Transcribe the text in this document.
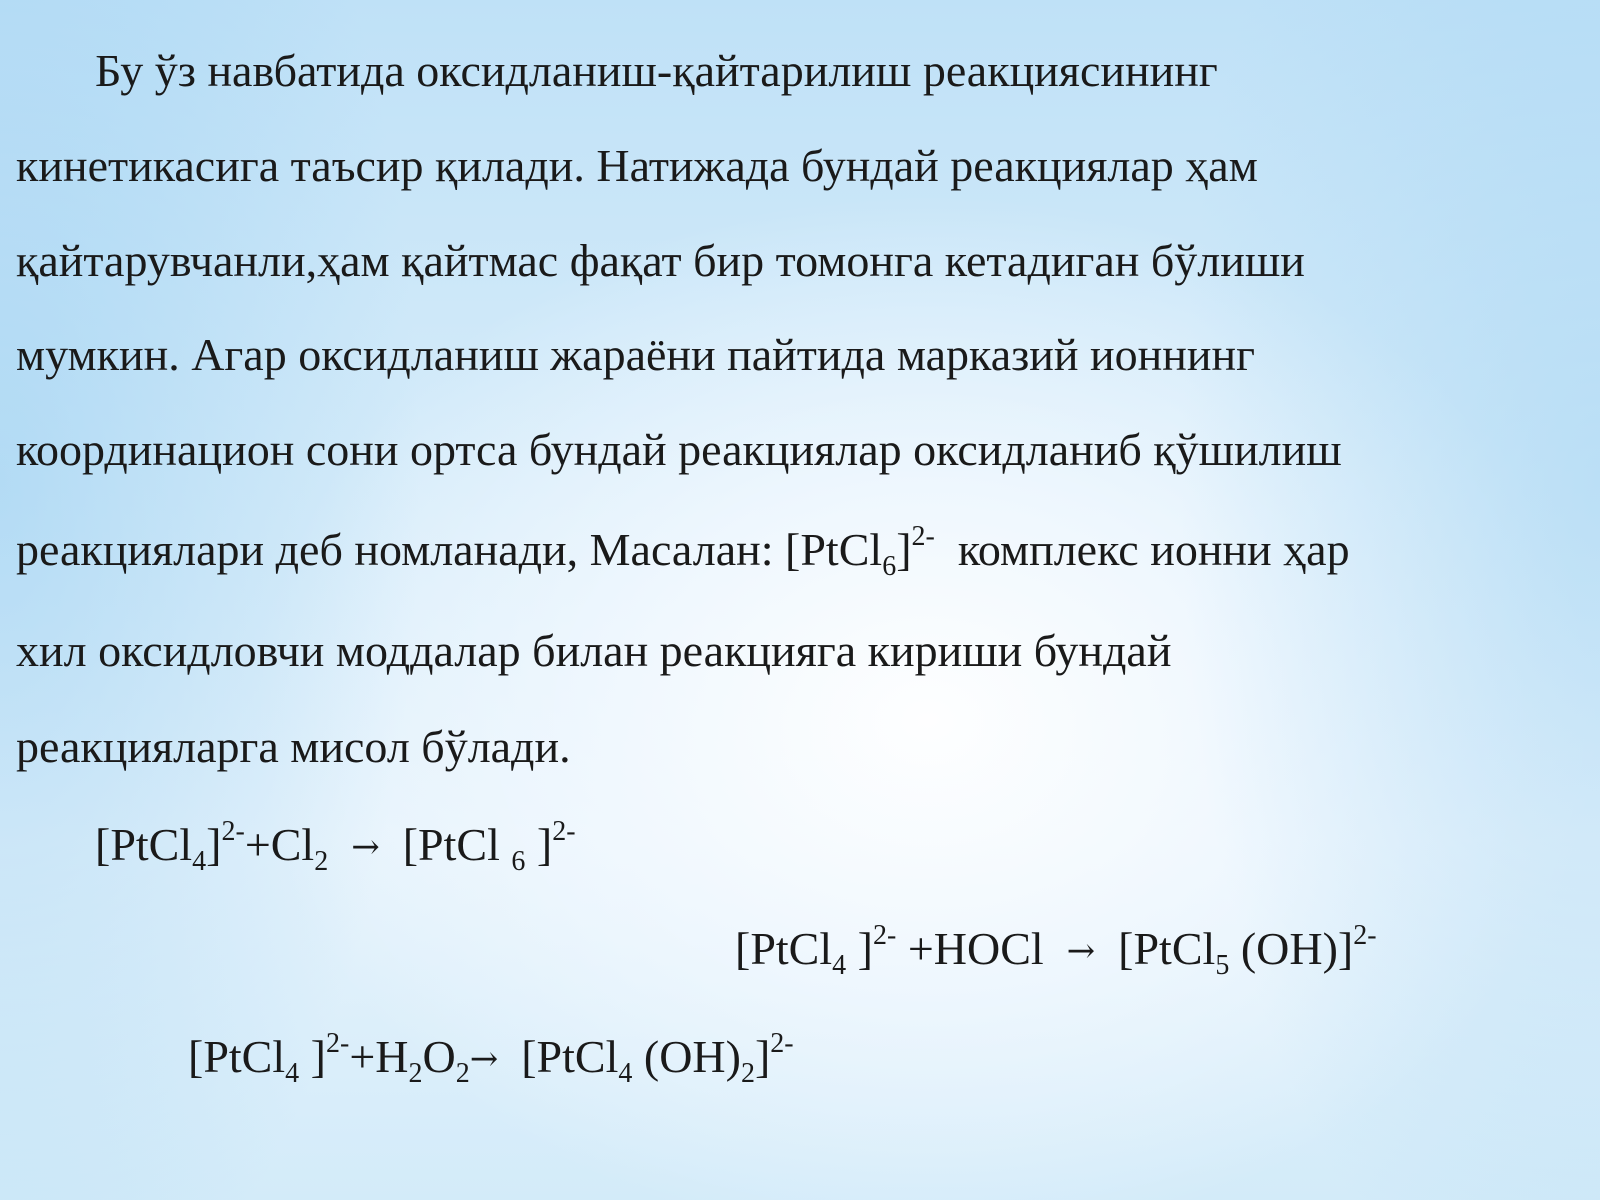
Бу ўз навбатида оксидланиш-қайтарилиш реакциясининг
кинетикасига таъсир қилади. Натижада бундай реакциялар ҳам
қайтарувчанли,ҳам қайтмас фақат бир томонга кетадиган бўлиши
мумкин. Агар оксидланиш жараёни пайтида марказий ионнинг
координацион сони ортса бундай реакциялар оксидланиб қўшилиш
реакциялари деб номланади, Масалан: [PtCl$_6$]$^{2-}$ комплекс ионни ҳар
хил оксидловчи моддалар билан реакцияга кириши бундай
реакцияларга мисол бўлади.
$[PtCl_4]^{2-}+Cl_2$ → [PtCl $_6$ ]$^{2-}$
[PtCl$_4$ ]$^{2-}$ +HOCl → [PtCl$_5$ (OH)]$^{2-}$
[PtCl$_4$ ]$^{2-}+H_2O_2\to$ [PtCl$_4$ $(OH)_2]^{2-}$
